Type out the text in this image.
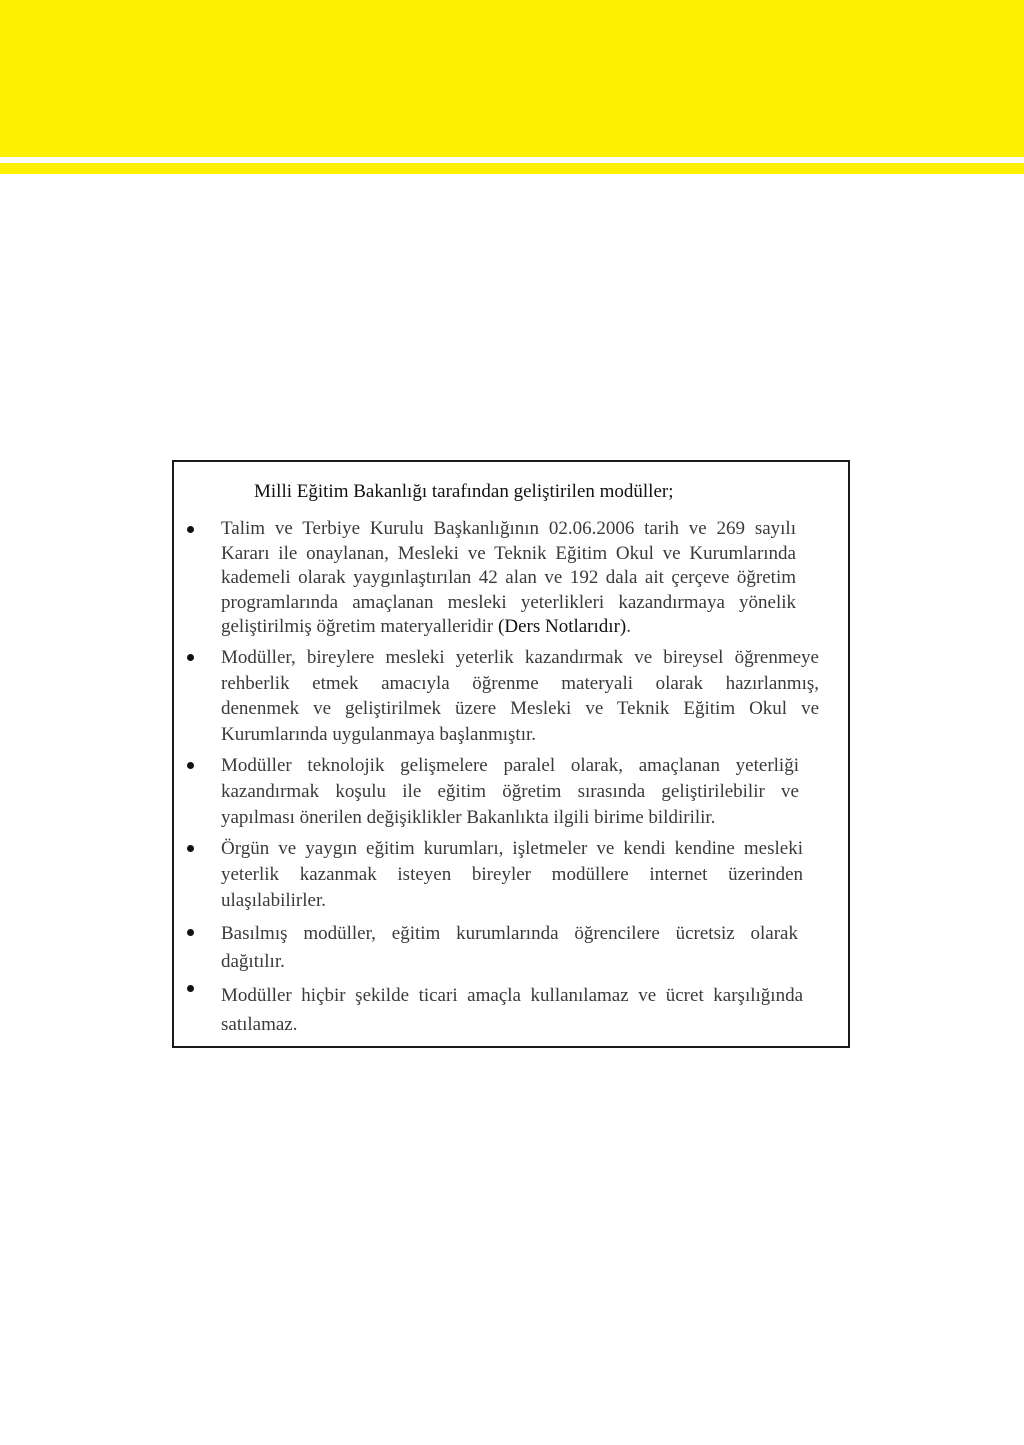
Milli Eğitim Bakanlığı tarafından geliştirilen modüller;
Talim ve Terbiye Kurulu Başkanlığının 02.06.2006 tarih ve 269 sayılı
Kararı ile onaylanan, Mesleki ve Teknik Eğitim Okul ve Kurumlarında
kademeli olarak yaygınlaştırılan 42 alan ve 192 dala ait çerçeve öğretim
programlarında amaçlanan mesleki yeterlikleri kazandırmaya yönelik
geliştirilmiş öğretim materyalleridir (Ders Notlarıdır).
Modüller, bireylere mesleki yeterlik kazandırmak ve bireysel öğrenmeye
rehberlik etmek amacıyla öğrenme materyali olarak hazırlanmış,
denenmek ve geliştirilmek üzere Mesleki ve Teknik Eğitim Okul ve
Kurumlarında uygulanmaya başlanmıştır.
Modüller teknolojik gelişmelere paralel olarak, amaçlanan yeterliği
kazandırmak koşulu ile eğitim öğretim sırasında geliştirilebilir ve
yapılması önerilen değişiklikler Bakanlıkta ilgili birime bildirilir.
Örgün ve yaygın eğitim kurumları, işletmeler ve kendi kendine mesleki
yeterlik kazanmak isteyen bireyler modüllere internet üzerinden
ulaşılabilirler.
Basılmış modüller, eğitim kurumlarında öğrencilere ücretsiz olarak
dağıtılır.
Modüller hiçbir şekilde ticari amaçla kullanılamaz ve ücret karşılığında
satılamaz.
